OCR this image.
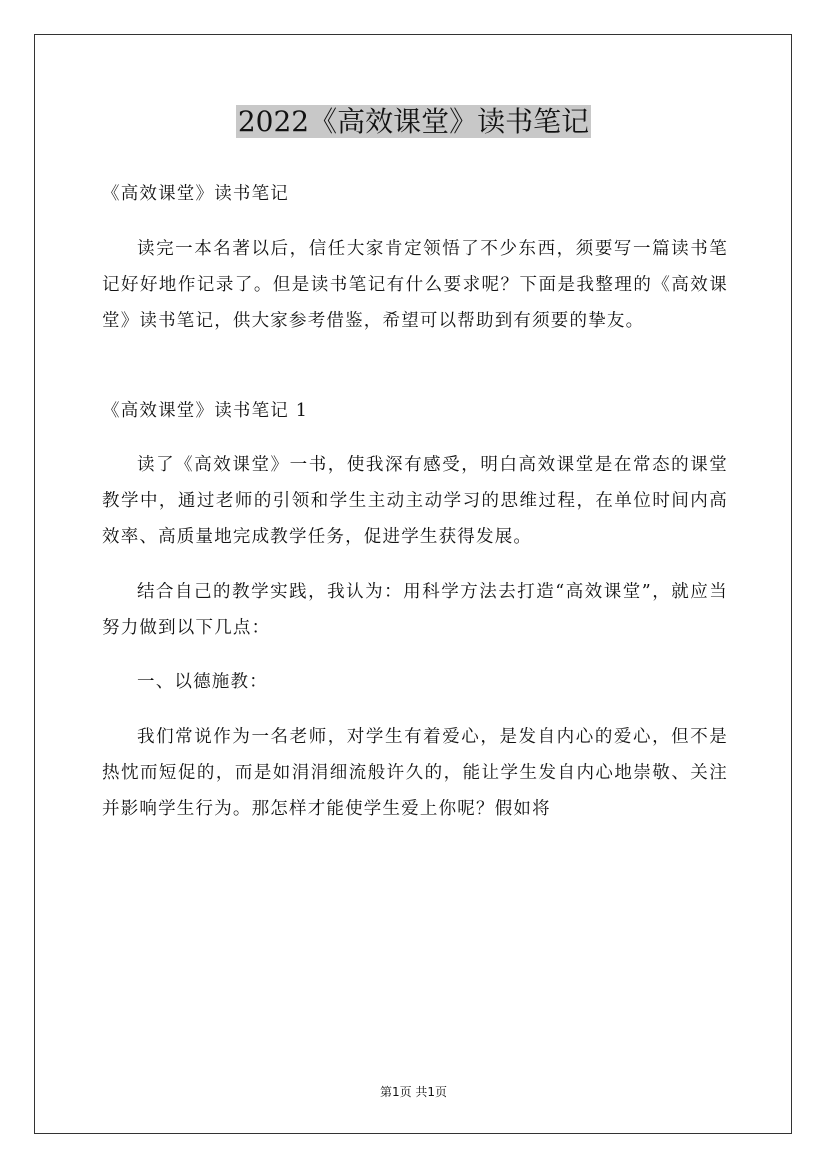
2022《高效课堂》读书笔记

《高效课堂》读书笔记

读完一本名著以后，信任大家肯定领悟了不少东西，须要写一篇读书笔记好好地作记录了。但是读书笔记有什么要求呢？下面是我整理的《高效课堂》读书笔记，供大家参考借鉴，希望可以帮助到有须要的挚友。

《高效课堂》读书笔记 1

读了《高效课堂》一书，使我深有感受，明白高效课堂是在常态的课堂教学中，通过老师的引领和学生主动主动学习的思维过程，在单位时间内高效率、高质量地完成教学任务，促进学生获得发展。

结合自己的教学实践，我认为：用科学方法去打造“高效课堂”，就应当努力做到以下几点：

一、以德施教：

我们常说作为一名老师，对学生有着爱心，是发自内心的爱心，但不是热忱而短促的，而是如涓涓细流般许久的，能让学生发自内心地崇敬、关注并影响学生行为。那怎样才能使学生爱上你呢？假如将

第1页 共1页
